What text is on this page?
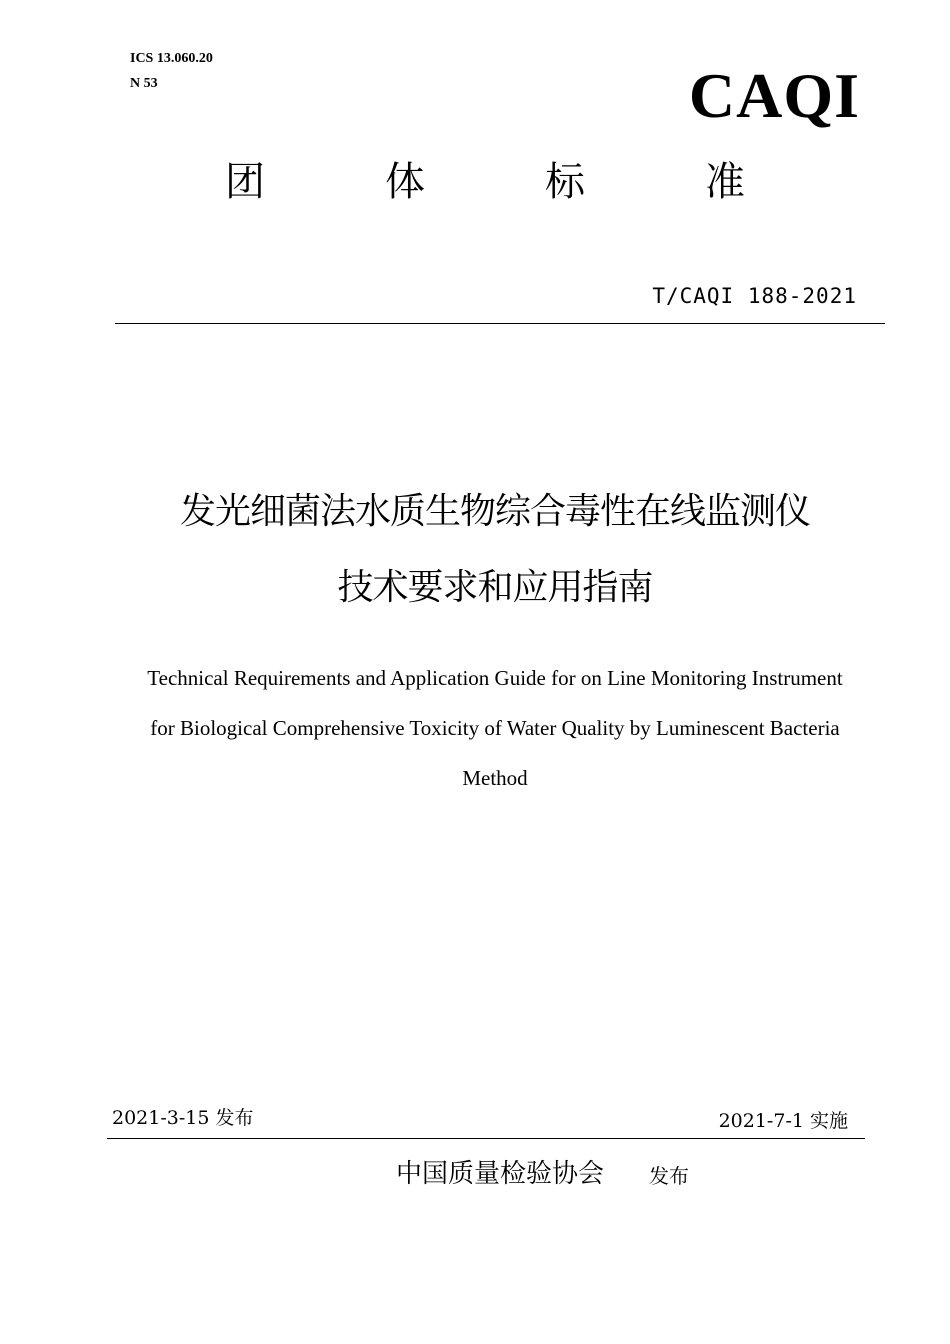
ICS 13.060.20
N 53	CAQI
团	体	标	准
T/CAQI 188-2021
发光细菌法水质生物综合毒性在线监测仪
技术要求和应用指南
Technical Requirements and Application Guide for on Line Monitoring Instrument
for Biological Comprehensive Toxicity of Water Quality by Luminescent Bacteria
Method
2021-3-15 发布	2021-7-1 实施
中国质量检验协会 发布
